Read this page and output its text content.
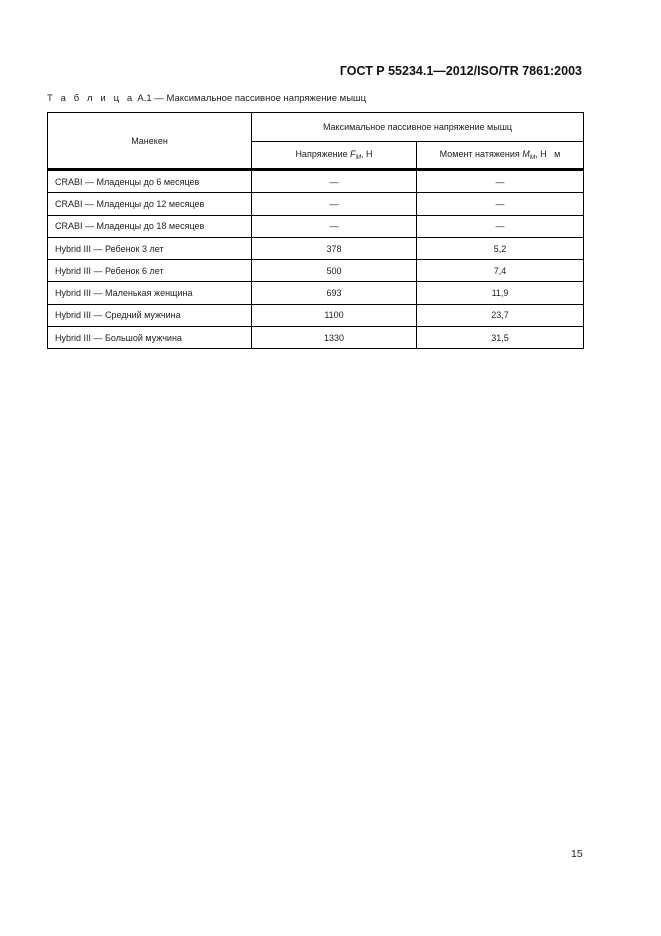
ГОСТ Р 55234.1—2012/ISO/TR 7861:2003
Т а б л и ц а А.1 — Максимальное пассивное напряжение мышц
Манекен	Максимальное пассивное напряжение мышц	
	Напряжение $F_M$, Н	Момент натяжения $M_M$, Н   м
CRABI — Младенцы до 6 месяцев	—	—
CRABI — Младенцы до 12 месяцев	—	—
CRABI — Младенцы до 18 месяцев	—	—
Hybrid III — Ребенок 3 лет	378	5,2
Hybrid III — Ребенок 6 лет	500	7,4
Hybrid III — Маленькая женщина	693	11,9
Hybrid III — Средний мужчина	1100	23,7
Hybrid III — Большой мужчина	1330	31,5
15
